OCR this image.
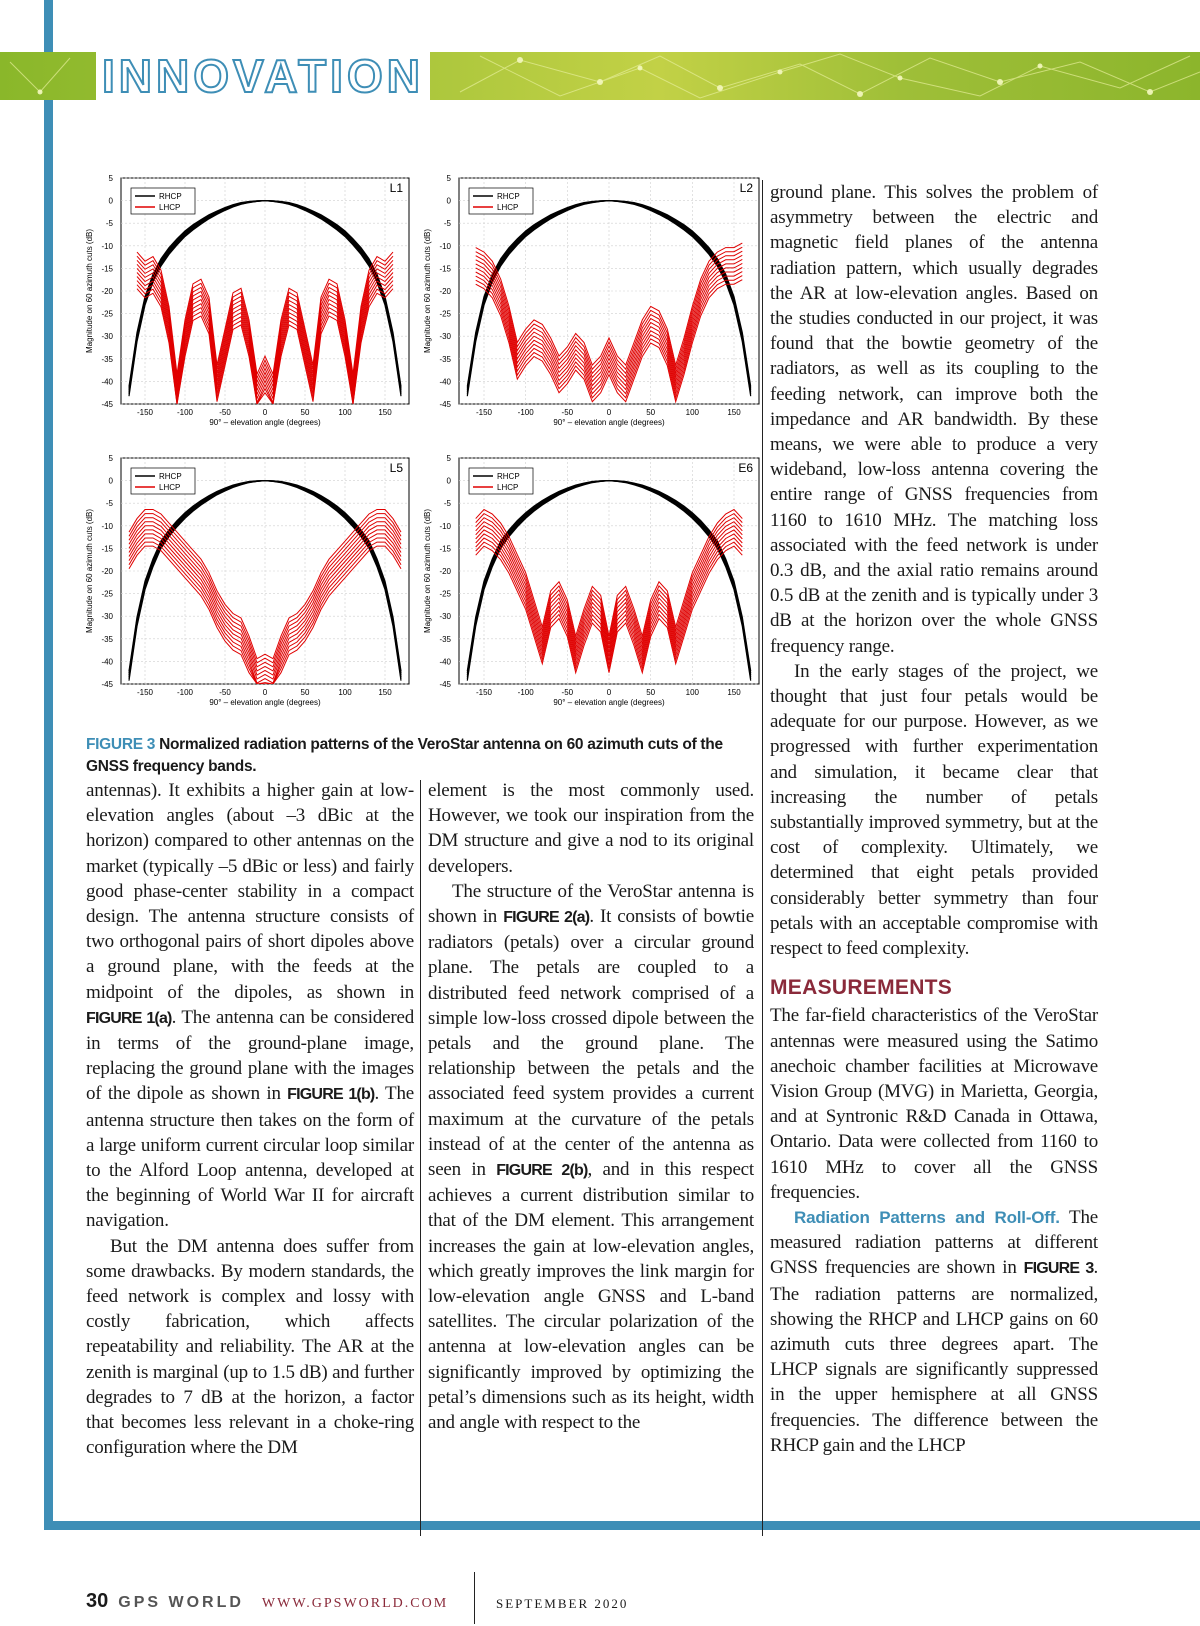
INNOVATION
-150	-100	-50	0	50	100	150
5
0
-5
-10
-15
-20
-25
-30
-35
-40
-45
90° – elevation angle (degrees)
Magnitude on 60 azimuth cuts (dB)
RHCP
LHCP
L1
-150	-100	-50	0	50	100	150
5
0
-5
-10
-15
-20
-25
-30
-35
-40
-45
90° – elevation angle (degrees)
Magnitude on 60 azimuth cuts (dB)
RHCP
LHCP
L2
-150	-100	-50	0	50	100	150
5
0
-5
-10
-15
-20
-25
-30
-35
-40
-45
90° – elevation angle (degrees)
Magnitude on 60 azimuth cuts (dB)
RHCP
LHCP
L5
-150	-100	-50	0	50	100	150
5
0
-5
-10
-15
-20
-25
-30
-35
-40
-45
90° – elevation angle (degrees)
Magnitude on 60 azimuth cuts (dB)
RHCP
LHCP
E6
FIGURE 3 Normalized radiation patterns of the VeroStar antenna on 60 azimuth cuts of the GNSS frequency bands.

antennas). It exhibits a higher gain at low-elevation angles (about –3 dBic at the horizon) compared to other antennas on the market (typically –5 dBic or less) and fairly good phase-center stability in a compact design. The antenna structure consists of two orthogonal pairs of short dipoles above a ground plane, with the feeds at the midpoint of the dipoles, as shown in FIGURE 1(a). The antenna can be considered in terms of the ground-plane image, replacing the ground plane with the images of the dipole as shown in FIGURE 1(b). The antenna structure then takes on the form of a large uniform current circular loop similar to the Alford Loop antenna, developed at the beginning of World War II for aircraft navigation.

But the DM antenna does suffer from some drawbacks. By modern standards, the feed network is complex and lossy with costly fabrication, which affects repeatability and reliability. The AR at the zenith is marginal (up to 1.5 dB) and further degrades to 7 dB at the horizon, a factor that becomes less relevant in a choke-ring configuration where the DM

element is the most commonly used. However, we took our inspiration from the DM structure and give a nod to its original developers.

The structure of the VeroStar antenna is shown in FIGURE 2(a). It consists of bowtie radiators (petals) over a circular ground plane. The petals are coupled to a distributed feed network comprised of a simple low-loss crossed dipole between the petals and the ground plane. The relationship between the petals and the associated feed system provides a current maximum at the curvature of the petals instead of at the center of the antenna as seen in FIGURE 2(b), and in this respect achieves a current distribution similar to that of the DM element. This arrangement increases the gain at low-elevation angles, which greatly improves the link margin for low-elevation angle GNSS and L-band satellites. The circular polarization of the antenna at low-elevation angles can be significantly improved by optimizing the petal’s dimensions such as its height, width and angle with respect to the

ground plane. This solves the problem of asymmetry between the electric and magnetic field planes of the antenna radiation pattern, which usually degrades the AR at low-elevation angles. Based on the studies conducted in our project, it was found that the bowtie geometry of the radiators, as well as its coupling to the feeding network, can improve both the impedance and AR bandwidth. By these means, we were able to produce a very wideband, low-loss antenna covering the entire range of GNSS frequencies from 1160 to 1610 MHz. The matching loss associated with the feed network is under 0.3 dB, and the axial ratio remains around 0.5 dB at the zenith and is typically under 3 dB at the horizon over the whole GNSS frequency range.

In the early stages of the project, we thought that just four petals would be adequate for our purpose. However, as we progressed with further experimentation and simulation, it became clear that increasing the number of petals substantially improved symmetry, but at the cost of complexity. Ultimately, we determined that eight petals provided considerably better symmetry than four petals with an acceptable compromise with respect to feed complexity.

MEASUREMENTS

The far-field characteristics of the VeroStar antennas were measured using the Satimo anechoic chamber facilities at Microwave Vision Group (MVG) in Marietta, Georgia, and at Syntronic R&D Canada in Ottawa, Ontario. Data were collected from 1160 to 1610 MHz to cover all the GNSS frequencies.

Radiation Patterns and Roll-Off. The measured radiation patterns at different GNSS frequencies are shown in FIGURE 3. The radiation patterns are normalized, showing the RHCP and LHCP gains on 60 azimuth cuts three degrees apart. The LHCP signals are significantly suppressed in the upper hemisphere at all GNSS frequencies. The difference between the RHCP gain and the LHCP

30 GPS WORLD WWW.GPSWORLD.COM	SEPTEMBER 2020
